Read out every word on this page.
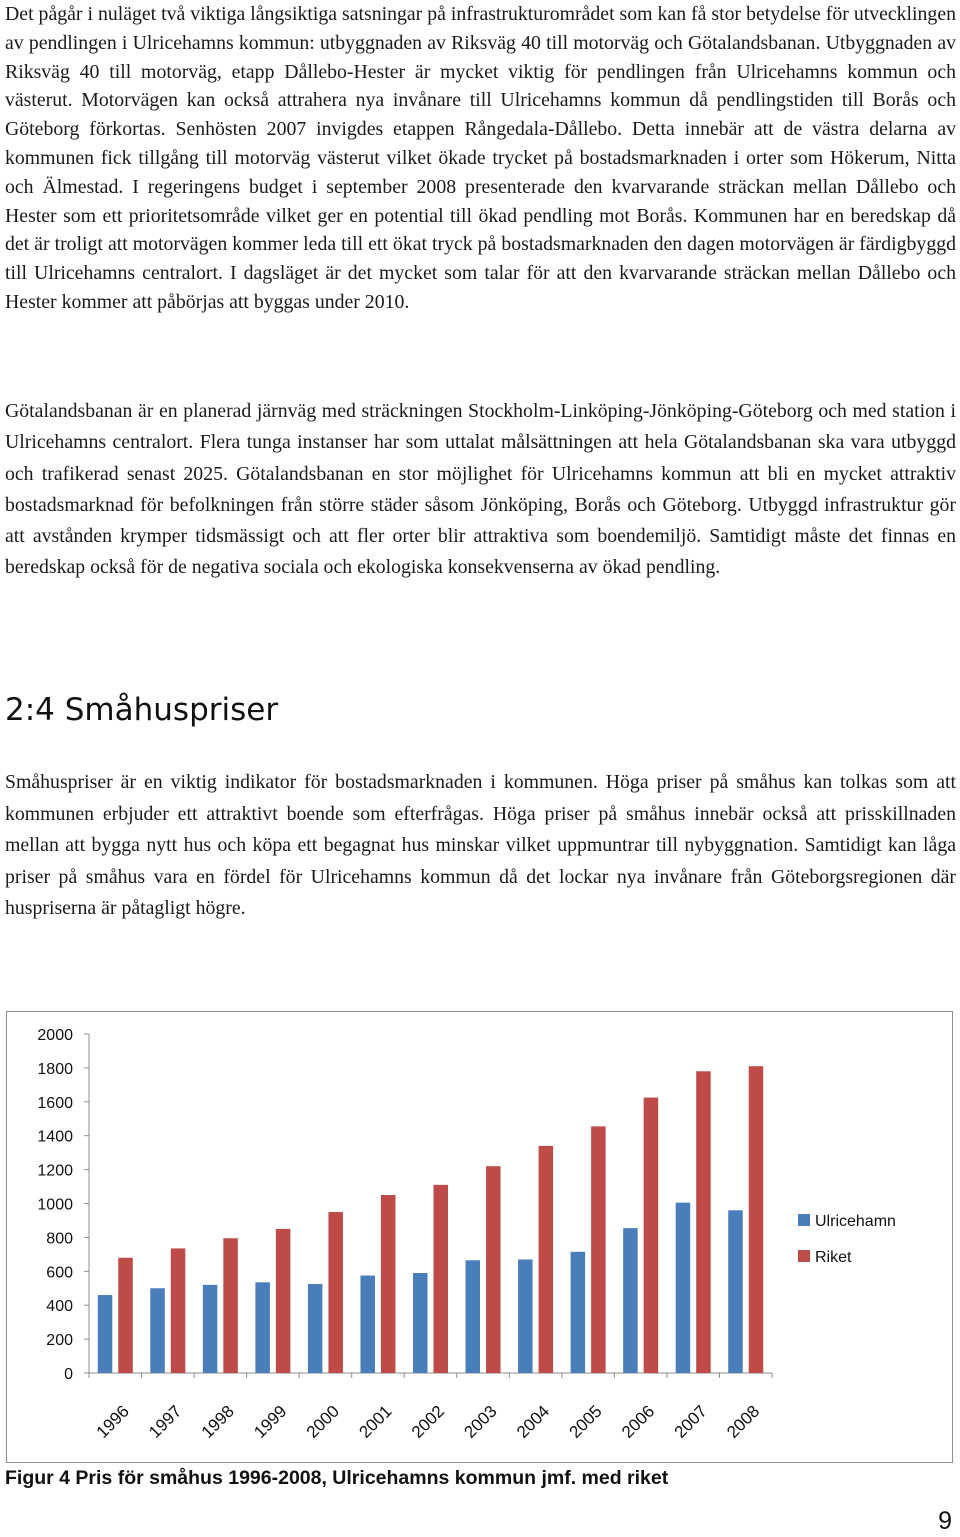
Det pågår i nuläget två viktiga långsiktiga satsningar på infrastrukturområdet som kan få stor betydelse för utvecklingen av pendlingen i Ulricehamns kommun: utbyggnaden av Riksväg 40 till motorväg och Götalandsbanan. Utbyggnaden av Riksväg 40 till motorväg, etapp Dållebo-Hester är mycket viktig för pendlingen från Ulricehamns kommun och västerut. Motorvägen kan också attrahera nya invånare till Ulricehamns kommun då pendlingstiden till Borås och Göteborg förkortas. Senhösten 2007 invigdes etappen Rångedala-Dållebo. Detta innebär att de västra delarna av kommunen fick tillgång till motorväg västerut vilket ökade trycket på bostadsmarknaden i orter som Hökerum, Nitta och Älmestad. I regeringens budget i september 2008 presenterade den kvarvarande sträckan mellan Dållebo och Hester som ett prioritetsområde vilket ger en potential till ökad pendling mot Borås. Kommunen har en beredskap då det är troligt att motorvägen kommer leda till ett ökat tryck på bostadsmarknaden den dagen motorvägen är färdigbyggd till Ulricehamns centralort. I dagsläget är det mycket som talar för att den kvarvarande sträckan mellan Dållebo och Hester kommer att påbörjas att byggas under 2010.

Götalandsbanan är en planerad järnväg med sträckningen Stockholm-Linköping-Jönköping-Göteborg och med station i Ulricehamns centralort. Flera tunga instanser har som uttalat målsättningen att hela Götalandsbanan ska vara utbyggd och trafikerad senast 2025. Götalandsbanan en stor möjlighet för Ulricehamns kommun att bli en mycket attraktiv bostadsmarknad för befolkningen från större städer såsom Jönköping, Borås och Göteborg. Utbyggd infrastruktur gör att avstånden krymper tidsmässigt och att fler orter blir attraktiva som boendemiljö. Samtidigt måste det finnas en beredskap också för de negativa sociala och ekologiska konsekvenserna av ökad pendling.

2:4 Småhuspriser

Småhuspriser är en viktig indikator för bostadsmarknaden i kommunen. Höga priser på småhus kan tolkas som att kommunen erbjuder ett attraktivt boende som efterfrågas. Höga priser på småhus innebär också att prisskillnaden mellan att bygga nytt hus och köpa ett begagnat hus minskar vilket uppmuntrar till nybyggnation. Samtidigt kan låga priser på småhus vara en fördel för Ulricehamns kommun då det lockar nya invånare från Göteborgsregionen där huspriserna är påtagligt högre.

0
200
400
600
800
1000
1200
1400
1600
1800
2000
1996 1997 1998 1999 2000 2001 2002 2003 2004 2005 2006 2007 2008
Ulricehamn
Riket

Figur 4 Pris för småhus 1996-2008, Ulricehamns kommun jmf. med riket

9
